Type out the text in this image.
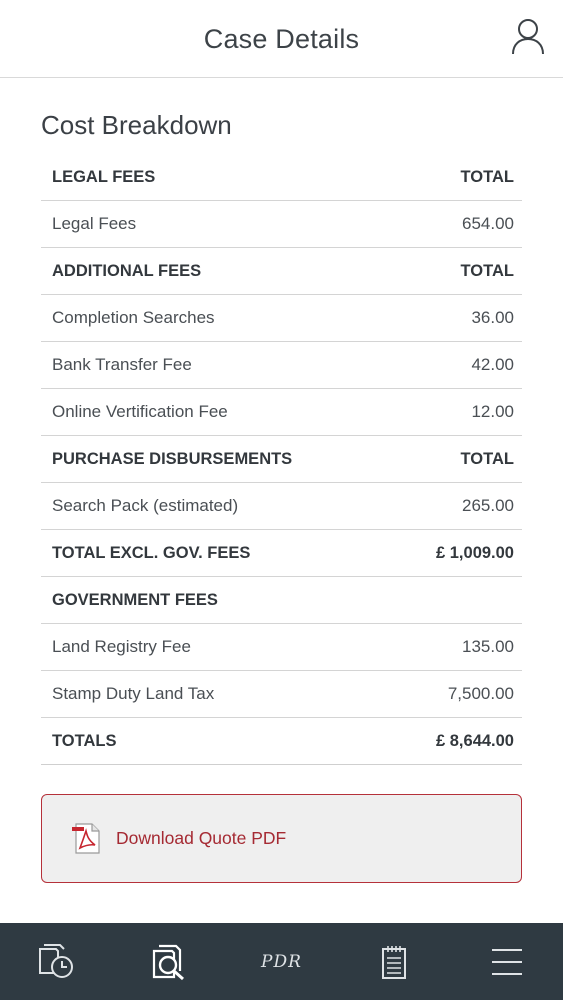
Case Details
Cost Breakdown
LEGAL FEES	TOTAL
Legal Fees	654.00
ADDITIONAL FEES	TOTAL
Completion Searches	36.00
Bank Transfer Fee	42.00
Online Vertification Fee	12.00
PURCHASE DISBURSEMENTS	TOTAL
Search Pack (estimated)	265.00
TOTAL EXCL. GOV. FEES	£ 1,009.00
GOVERNMENT FEES
Land Registry Fee	135.00
Stamp Duty Land Tax	7,500.00
TOTALS	£ 8,644.00
Download Quote PDF
PDR
